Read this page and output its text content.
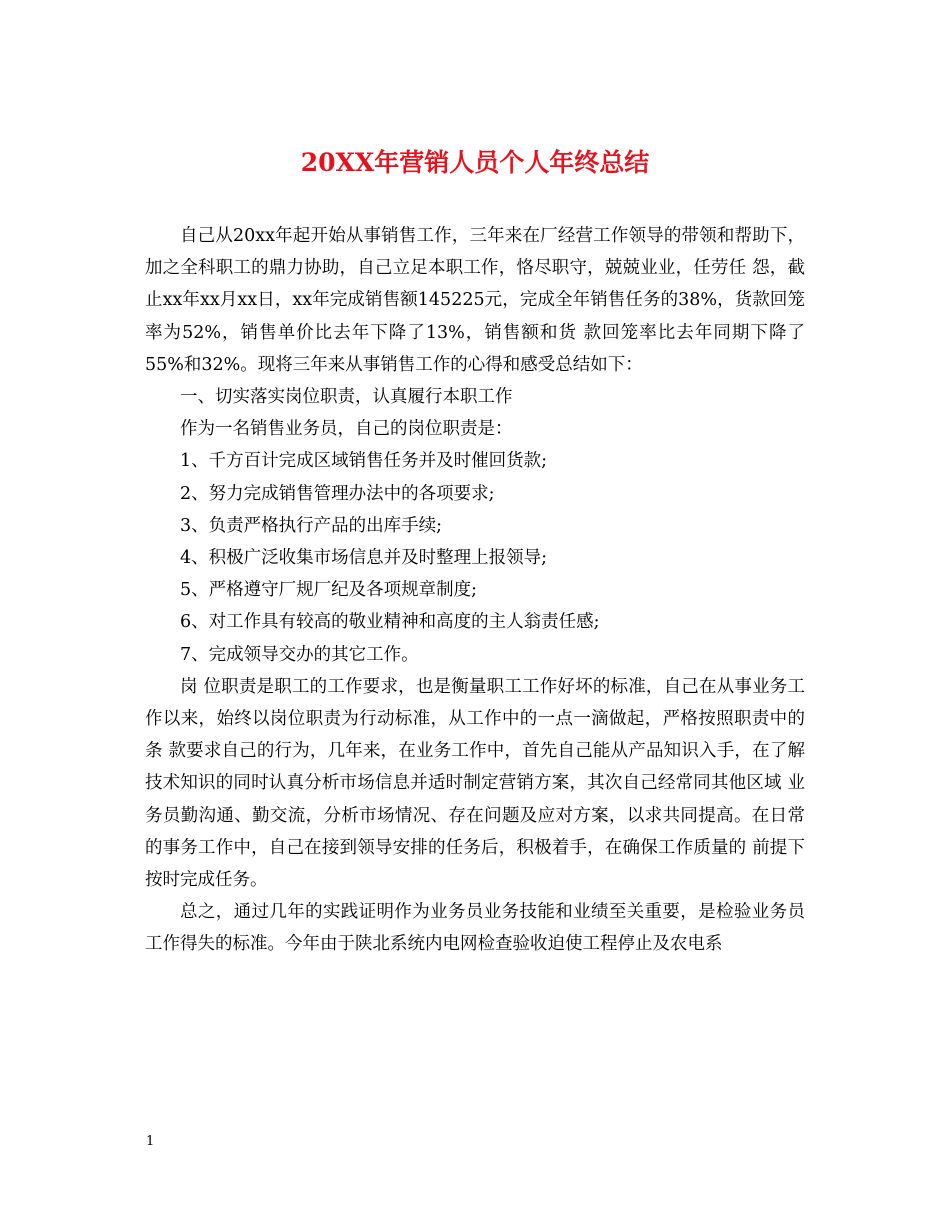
20XX年营销人员个人年终总结

自己从20xx年起开始从事销售工作，三年来在厂经营工作领导的带领和帮助下，加之全科职工的鼎力协助，自己立足本职工作，恪尽职守，兢兢业业，任劳任 怨，截止xx年xx月xx日，xx年完成销售额145225元，完成全年销售任务的38%，货款回笼率为52%，销售单价比去年下降了13%，销售额和货 款回笼率比去年同期下降了55%和32%。现将三年来从事销售工作的心得和感受总结如下：

一、切实落实岗位职责，认真履行本职工作

作为一名销售业务员，自己的岗位职责是：

1、千方百计完成区域销售任务并及时催回货款;

2、努力完成销售管理办法中的各项要求;

3、负责严格执行产品的出库手续;

4、积极广泛收集市场信息并及时整理上报领导;

5、严格遵守厂规厂纪及各项规章制度;

6、对工作具有较高的敬业精神和高度的主人翁责任感;

7、完成领导交办的其它工作。

岗 位职责是职工的工作要求，也是衡量职工工作好坏的标准，自己在从事业务工作以来，始终以岗位职责为行动标准，从工作中的一点一滴做起，严格按照职责中的条 款要求自己的行为，几年来，在业务工作中，首先自己能从产品知识入手，在了解技术知识的同时认真分析市场信息并适时制定营销方案，其次自己经常同其他区域 业务员勤沟通、勤交流，分析市场情况、存在问题及应对方案，以求共同提高。在日常的事务工作中，自己在接到领导安排的任务后，积极着手，在确保工作质量的 前提下按时完成任务。

总之，通过几年的实践证明作为业务员业务技能和业绩至关重要，是检验业务员工作得失的标准。今年由于陕北系统内电网检查验收迫使工程停止及农电系

1
